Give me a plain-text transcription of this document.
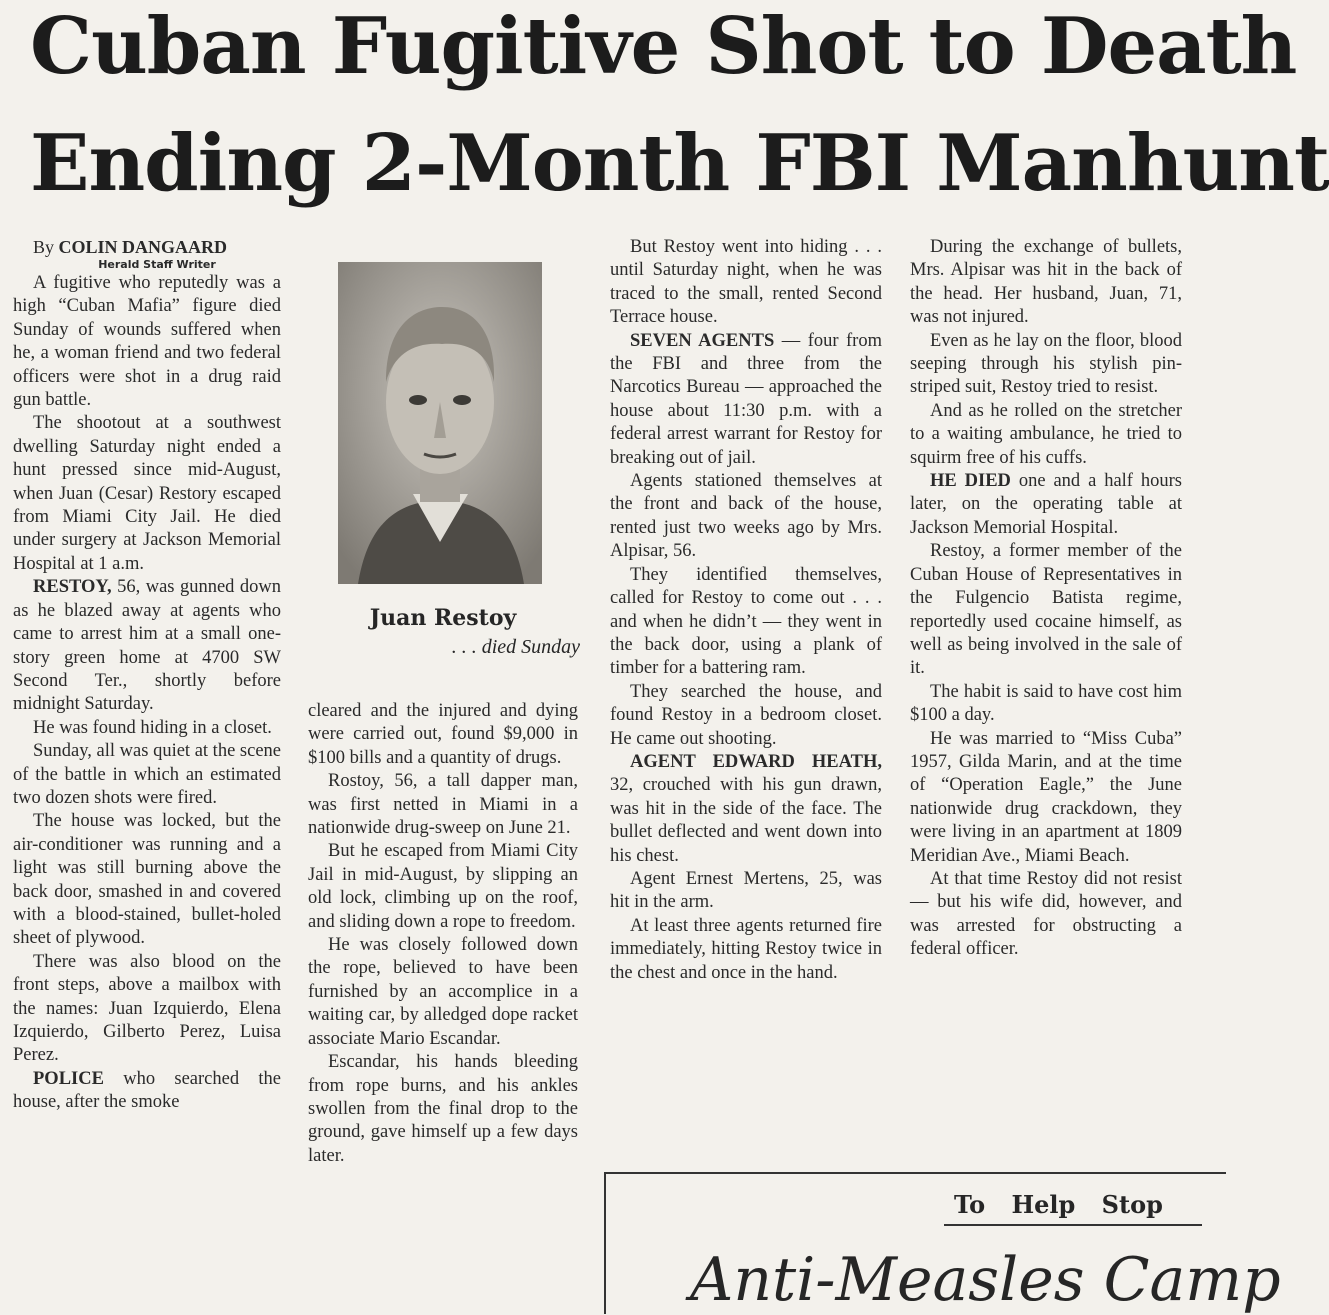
Cuban Fugitive Shot to Death
Ending 2-Month FBI Manhunt

By COLIN DANGAARD

Herald Staff Writer

A fugitive who reputedly was a high “Cuban Mafia” figure died Sunday of wounds suffered when he, a woman friend and two federal officers were shot in a drug raid gun battle.

The shootout at a southwest dwelling Saturday night ended a hunt pressed since mid-August, when Juan (Cesar) Restory escaped from Miami City Jail. He died under surgery at Jackson Memorial Hospital at 1 a.m.

RESTOY, 56, was gunned down as he blazed away at agents who came to arrest him at a small one-story green home at 4700 SW Second Ter., shortly before midnight Saturday.

He was found hiding in a closet.

Sunday, all was quiet at the scene of the battle in which an estimated two dozen shots were fired.

The house was locked, but the air-conditioner was running and a light was still burning above the back door, smashed in and covered with a blood-stained, bullet-holed sheet of plywood.

There was also blood on the front steps, above a mailbox with the names: Juan Izquierdo, Elena Izquierdo, Gilberto Perez, Luisa Perez.

POLICE who searched the house, after the smoke

Juan Restoy

. . . died Sunday

cleared and the injured and dying were carried out, found $9,000 in $100 bills and a quantity of drugs.

Rostoy, 56, a tall dapper man, was first netted in Miami in a nationwide drug-sweep on June 21.

But he escaped from Miami City Jail in mid-August, by slipping an old lock, climbing up on the roof, and sliding down a rope to freedom.

He was closely followed down the rope, believed to have been furnished by an accomplice in a waiting car, by alledged dope racket associate Mario Escandar.

Escandar, his hands bleeding from rope burns, and his ankles swollen from the final drop to the ground, gave himself up a few days later.

But Restoy went into hiding . . . until Saturday night, when he was traced to the small, rented Second Terrace house.

SEVEN AGENTS — four from the FBI and three from the Narcotics Bureau — approached the house about 11:30 p.m. with a federal arrest warrant for Restoy for breaking out of jail.

Agents stationed themselves at the front and back of the house, rented just two weeks ago by Mrs. Alpisar, 56.

They identified themselves, called for Restoy to come out . . . and when he didn’t — they went in the back door, using a plank of timber for a battering ram.

They searched the house, and found Restoy in a bedroom closet. He came out shooting.

AGENT EDWARD HEATH, 32, crouched with his gun drawn, was hit in the side of the face. The bullet deflected and went down into his chest.

Agent Ernest Mertens, 25, was hit in the arm.

At least three agents returned fire immediately, hitting Restoy twice in the chest and once in the hand.

During the exchange of bullets, Mrs. Alpisar was hit in the back of the head. Her husband, Juan, 71, was not injured.

Even as he lay on the floor, blood seeping through his stylish pin-striped suit, Restoy tried to resist.

And as he rolled on the stretcher to a waiting ambulance, he tried to squirm free of his cuffs.

HE DIED one and a half hours later, on the operating table at Jackson Memorial Hospital.

Restoy, a former member of the Cuban House of Representatives in the Fulgencio Batista regime, reportedly used cocaine himself, as well as being involved in the sale of it.

The habit is said to have cost him $100 a day.

He was married to “Miss Cuba” 1957, Gilda Marin, and at the time of “Operation Eagle,” the June nationwide drug crackdown, they were living in an apartment at 1809 Meridian Ave., Miami Beach.

At that time Restoy did not resist — but his wife did, however, and was arrested for obstructing a federal officer.

To Help Stop

Anti-Measles Camp
